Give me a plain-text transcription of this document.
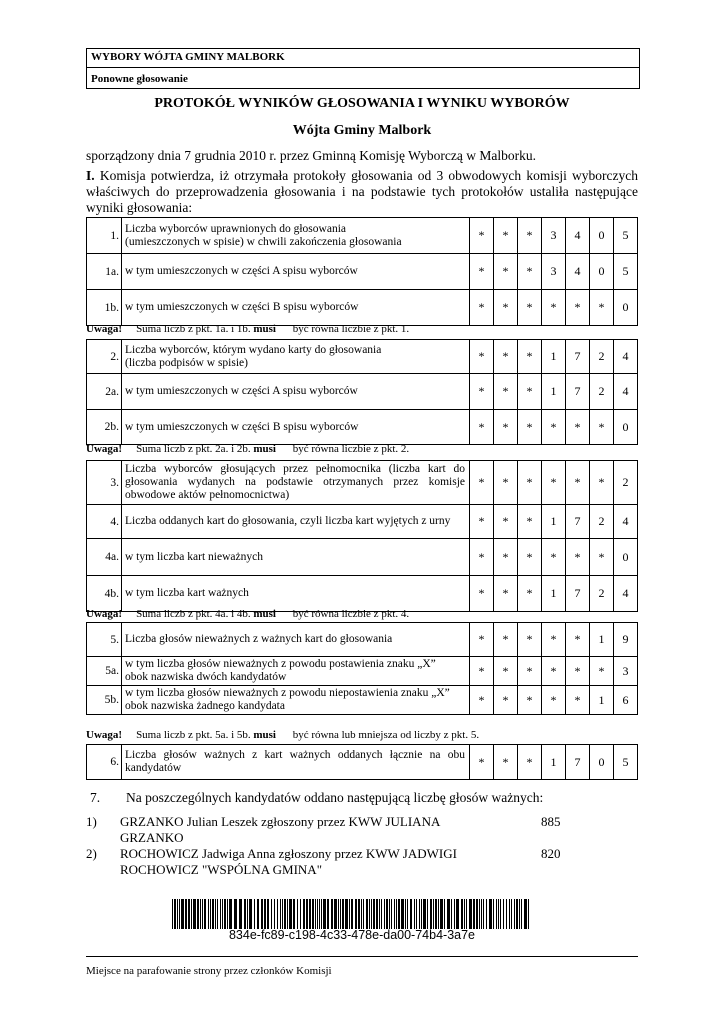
WYBORY WÓJTA GMINY MALBORK
Ponowne głosowanie
PROTOKÓŁ WYNIKÓW GŁOSOWANIA I WYNIKU WYBORÓW
Wójta Gminy Malbork
sporządzony dnia 7 grudnia 2010 r. przez Gminną Komisję Wyborczą w Malborku.
I. Komisja potwierdza, iż otrzymała protokoły głosowania od 3 obwodowych komisji wyborczych właściwych do przeprowadzenia głosowania i na podstawie tych protokołów ustaliła następujące wyniki głosowania:
1.	Liczba wyborców uprawnionych do głosowania
(umieszczonych w spisie) w chwili zakończenia głosowania	*	*	*	3	4	0	5
1a.	w tym umieszczonych w części A spisu wyborców	*	*	*	3	4	0	5
1b.	w tym umieszczonych w części B spisu wyborców	*	*	*	*	*	*	0
Uwaga! Suma liczb z pkt. 1a. i 1b. musi być równa liczbie z pkt. 1.
2.	Liczba wyborców, którym wydano karty do głosowania
(liczba podpisów w spisie)	*	*	*	1	7	2	4
2a.	w tym umieszczonych w części A spisu wyborców	*	*	*	1	7	2	4
2b.	w tym umieszczonych w części B spisu wyborców	*	*	*	*	*	*	0
Uwaga! Suma liczb z pkt. 2a. i 2b. musi być równa liczbie z pkt. 2.
3.	Liczba wyborców głosujących przez pełnomocnika (liczba kart do głosowania wydanych na podstawie otrzymanych przez komisje obwodowe aktów pełnomocnictwa)	*	*	*	*	*	*	2
4.	Liczba oddanych kart do głosowania, czyli liczba kart wyjętych z urny	*	*	*	1	7	2	4
4a.	w tym liczba kart nieważnych	*	*	*	*	*	*	0
4b.	w tym liczba kart ważnych	*	*	*	1	7	2	4
Uwaga! Suma liczb z pkt. 4a. i 4b. musi być równa liczbie z pkt. 4.
5.	Liczba głosów nieważnych z ważnych kart do głosowania	*	*	*	*	*	1	9
5a.	w tym liczba głosów nieważnych z powodu postawienia znaku „X”
obok nazwiska dwóch kandydatów	*	*	*	*	*	*	3
5b.	w tym liczba głosów nieważnych z powodu niepostawienia znaku „X”
obok nazwiska żadnego kandydata	*	*	*	*	*	1	6
Uwaga! Suma liczb z pkt. 5a. i 5b. musi być równa lub mniejsza od liczby z pkt. 5.
6.	Liczba głosów ważnych z kart ważnych oddanych łącznie na obu kandydatów	*	*	*	1	7	0	5
7. Na poszczególnych kandydatów oddano następującą liczbę głosów ważnych:
1)	GRZANKO Julian Leszek zgłoszony przez KWW JULIANA GRZANKO
885
2)	ROCHOWICZ Jadwiga Anna zgłoszony przez KWW JADWIGI ROCHOWICZ "WSPÓLNA GMINA"
820
834e-fc89-c198-4c33-478e-da00-74b4-3a7e
Miejsce na parafowanie strony przez członków Komisji
